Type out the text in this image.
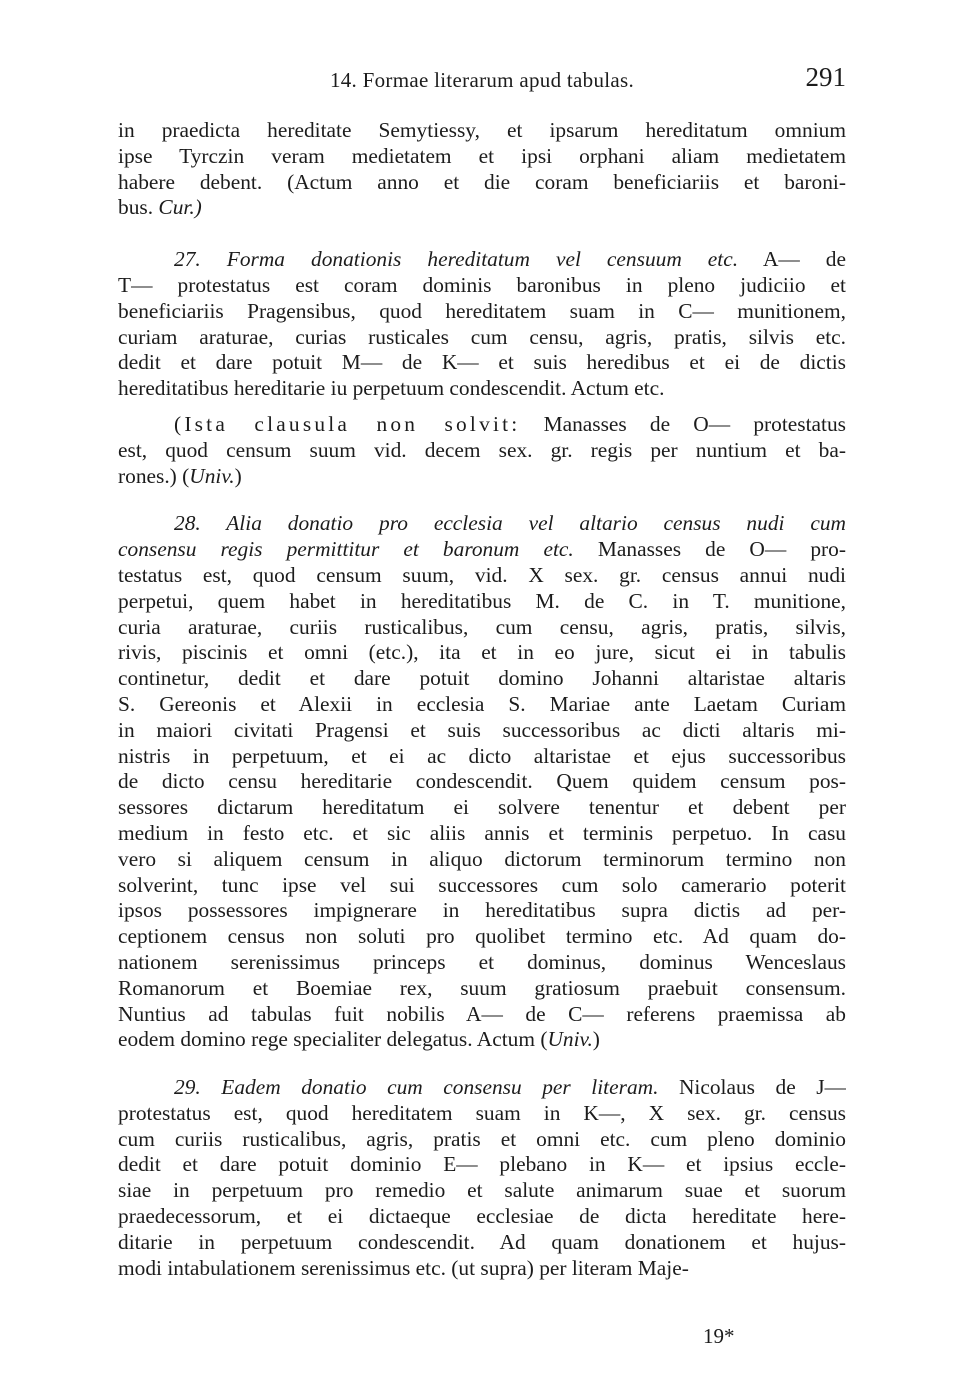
14. Formae literarum apud tabulas.	291
in praedicta hereditate Semytiessy, et ipsarum hereditatum omnium
ipse Tyrczin veram medietatem et ipsi orphani aliam medietatem
habere debent. (Actum anno et die coram beneficiariis et baroni-
bus. Cur.)
27. Forma donationis hereditatum vel censuum etc. A— de
T— protestatus est coram dominis baronibus in pleno judiciio et
beneficiariis Pragensibus, quod hereditatem suam in C— munitionem,
curiam araturae, curias rusticales cum censu, agris, pratis, silvis etc.
dedit et dare potuit M— de K— et suis heredibus et ei de dictis
hereditatibus hereditarie iu perpetuum condescendit. Actum etc.
(Ista clausula non solvit: Manasses de O— protestatus
est, quod censum suum vid. decem sex. gr. regis per nuntium et ba-
rones.) (Univ.)
28. Alia donatio pro ecclesia vel altario census nudi cum
consensu regis permittitur et baronum etc. Manasses de O— pro-
testatus est, quod censum suum, vid. X sex. gr. census annui nudi
perpetui, quem habet in hereditatibus M. de C. in T. munitione,
curia araturae, curiis rusticalibus, cum censu, agris, pratis, silvis,
rivis, piscinis et omni (etc.), ita et in eo jure, sicut ei in tabulis
continetur, dedit et dare potuit domino Johanni altaristae altaris
S. Gereonis et Alexii in ecclesia S. Mariae ante Laetam Curiam
in maiori civitati Pragensi et suis successoribus ac dicti altaris mi-
nistris in perpetuum, et ei ac dicto altaristae et ejus successoribus
de dicto censu hereditarie condescendit. Quem quidem censum pos-
sessores dictarum hereditatum ei solvere tenentur et debent per
medium in festo etc. et sic aliis annis et terminis perpetuo. In casu
vero si aliquem censum in aliquo dictorum terminorum termino non
solverint, tunc ipse vel sui successores cum solo camerario poterit
ipsos possessores impignerare in hereditatibus supra dictis ad per-
ceptionem census non soluti pro quolibet termino etc. Ad quam do-
nationem serenissimus princeps et dominus, dominus Wenceslaus
Romanorum et Boemiae rex, suum gratiosum praebuit consensum.
Nuntius ad tabulas fuit nobilis A— de C— referens praemissa ab
eodem domino rege specialiter delegatus. Actum (Univ.)
29. Eadem donatio cum consensu per literam. Nicolaus de J—
protestatus est, quod hereditatem suam in K—, X sex. gr. census
cum curiis rusticalibus, agris, pratis et omni etc. cum pleno dominio
dedit et dare potuit dominio E— plebano in K— et ipsius eccle-
siae in perpetuum pro remedio et salute animarum suae et suorum
praedecessorum, et ei dictaeque ecclesiae de dicta hereditate here-
ditarie in perpetuum condescendit. Ad quam donationem et hujus-
modi intabulationem serenissimus etc. (ut supra) per literam Maje-
19*
